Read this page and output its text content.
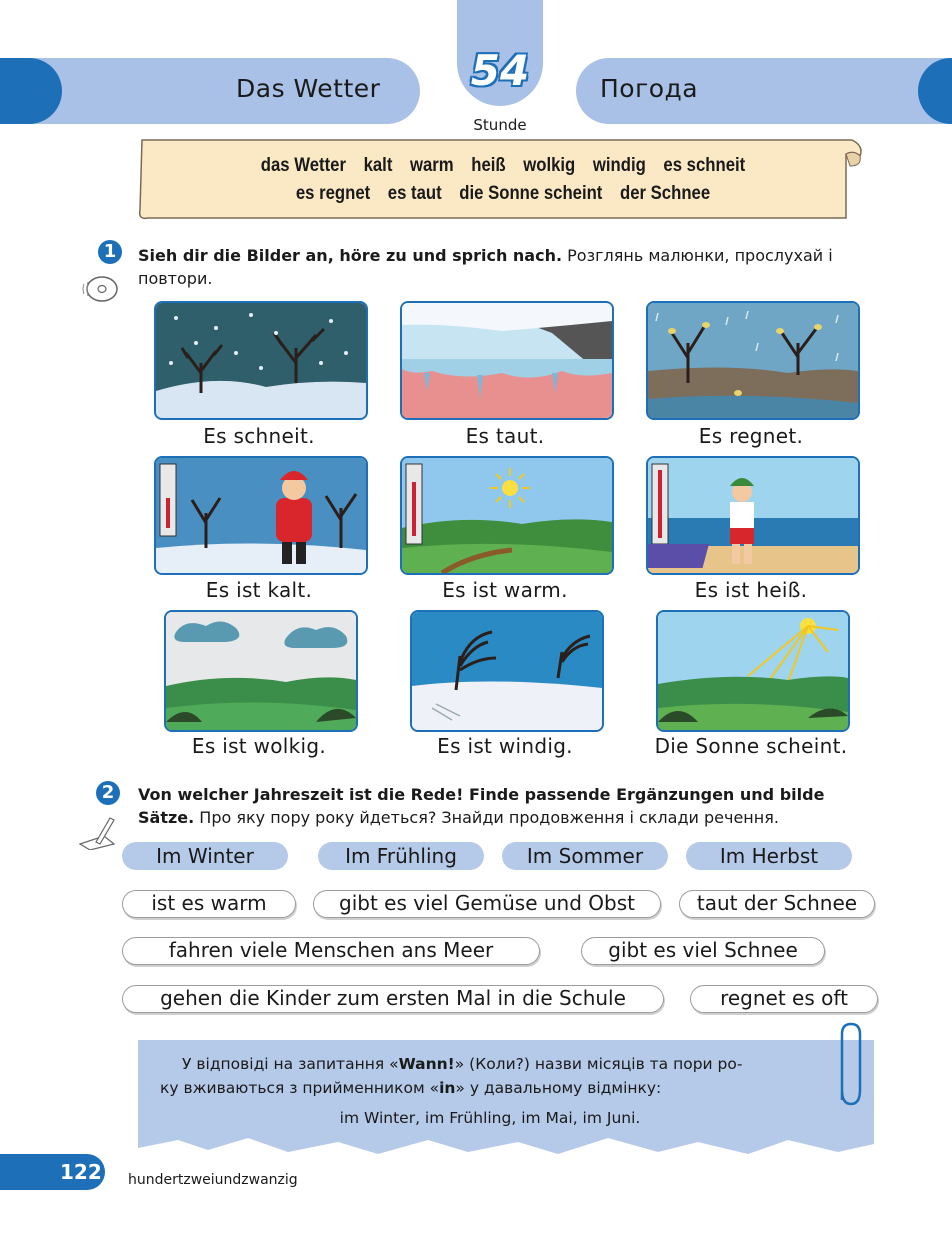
Das Wetter	Погода
54
Stunde
das Wetter kalt warm heiß wolkig windig es schneit
es regnet es taut die Sonne scheint der Schnee
1	Sieh dir die Bilder an, höre zu und sprich nach. Розглянь малюнки, прослухай і повтори.
Es schneit.	Es taut.	Es regnet.
Es ist kalt.	Es ist warm.	Es ist heiß.
Es ist wolkig.	Es ist windig.	Die Sonne scheint.
2	Von welcher Jahreszeit ist die Rede! Finde passende Ergänzungen und bilde Sätze. Про яку пору року йдеться? Знайди продовження і склади речення.
Im Winter	Im Frühling	Im Sommer	Im Herbst
ist es warm	gibt es viel Gemüse und Obst	taut der Schnee
fahren viele Menschen ans Meer	gibt es viel Schnee
gehen die Kinder zum ersten Mal in die Schule	regnet es oft
У відповіді на запитання «Wann!» (Коли?) назви місяців та пори ро-
ку вживаються з прийменником «in» у давальному відмінку:
im Winter, im Frühling, im Mai, im Juni.
122 hundertzweiundzwanzig
